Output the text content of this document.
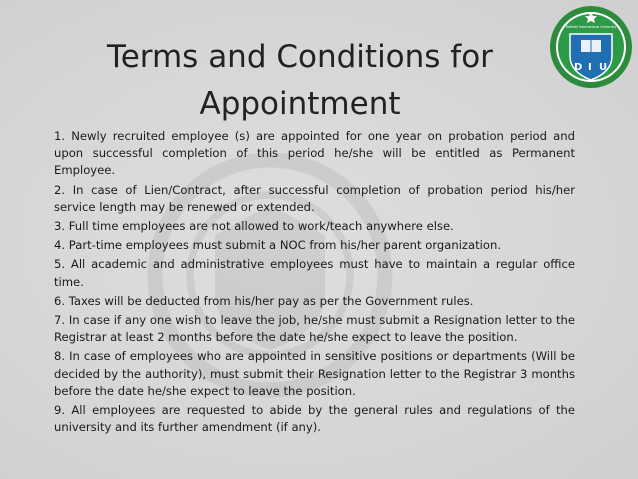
Terms and Conditions for Appointment
D I U
Daffodil International University
1. Newly recruited employee (s) are appointed for one year on probation period and upon successful completion of this period he/she will be entitled as Permanent Employee.
2. In case of Lien/Contract, after successful completion of probation period his/her service length may be renewed or extended.
3. Full time employees are not allowed to work/teach anywhere else.
4. Part-time employees must submit a NOC from his/her parent organization.
5. All academic and administrative employees must have to maintain a regular office time.
6. Taxes will be deducted from his/her pay as per the Government rules.
7. In case if any one wish to leave the job, he/she must submit a Resignation letter to the Registrar at least 2 months before the date he/she expect to leave the position.
8. In case of employees who are appointed in sensitive positions or departments (Will be decided by the authority), must submit their Resignation letter to the Registrar 3 months before the date he/she expect to leave the position.
9. All employees are requested to abide by the general rules and regulations of the university and its further amendment (if any).
